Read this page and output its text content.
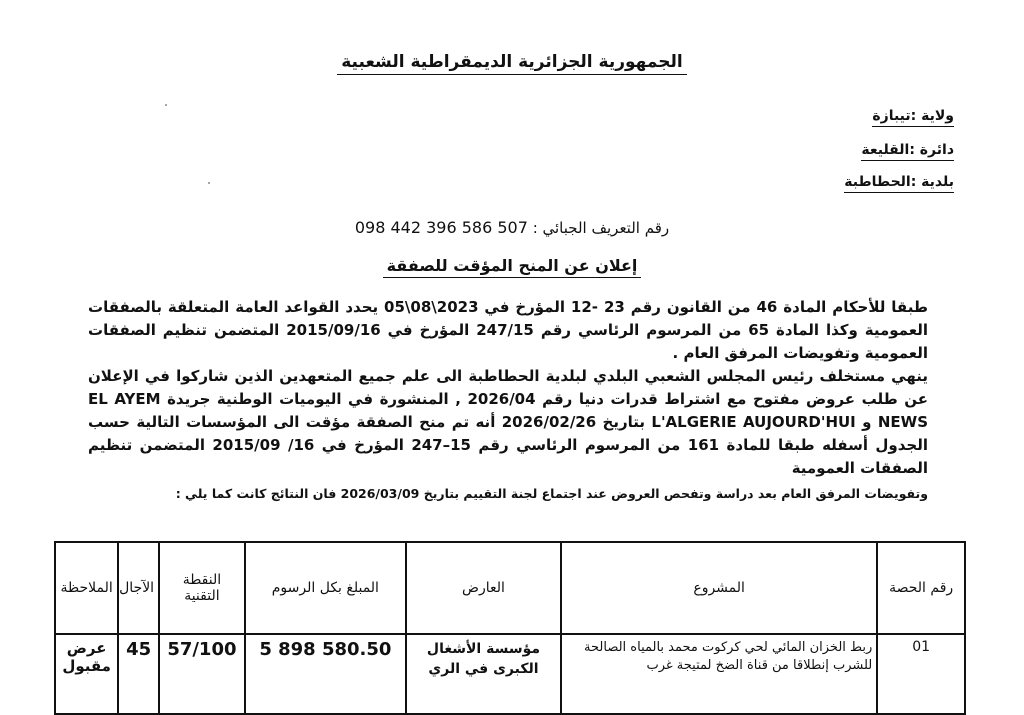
الجمهورية الجزائرية الديمقراطية الشعبية
ولاية :تيبازة
دائرة :القليعة
بلدية :الحطاطبة
رقم التعريف الجبائي : 098 442 396 586 507
إعلان عن المنح المؤقت للصفقة

طبقا للأحكام المادة 46 من القانون رقم 23 -12 المؤرخ في 2023\08\05 يحدد القواعد العامة المتعلقة بالصفقات العمومية وكذا المادة 65 من المرسوم الرئاسي رقم 247/15 المؤرخ في 2015/09/16 المتضمن تنظيم الصفقات العمومية وتفويضات المرفق العام .

ينهي مستخلف رئيس المجلس الشعبي البلدي لبلدية الحطاطبة الى علم جميع المتعهدين الذين شاركوا في الإعلان عن طلب عروض مفتوح مع اشتراط قدرات دنيا رقم 2026/04 , المنشورة في اليوميات الوطنية جريدة EL AYEM NEWS و L'ALGERIE AUJOURD'HUI بتاريخ 2026/02/26 أنه تم منح الصفقة مؤقت الى المؤسسات التالية حسب الجدول أسفله طبقا للمادة 161 من المرسوم الرئاسي رقم 15–247 المؤرخ في 16/ 2015/09 المتضمن تنظيم الصفقات العمومية

وتفويضات المرفق العام بعد دراسة وتفحص العروض عند اجتماع لجنة التقييم بتاريخ 2026/03/09 فان النتائج كانت كما يلي :
رقم الحصة	المشروع	العارض	المبلغ بكل الرسوم	النقطة التقنية	الآجال	الملاحظة
01	ربط الخزان المائي لحي كركوت محمد بالمياه الصالحة للشرب إنطلاقا من قناة الضخ لمتيجة غرب	مؤسسة الأشغال الكبرى في الري	5 898 580.50	57/100	45	عرض مقبول
